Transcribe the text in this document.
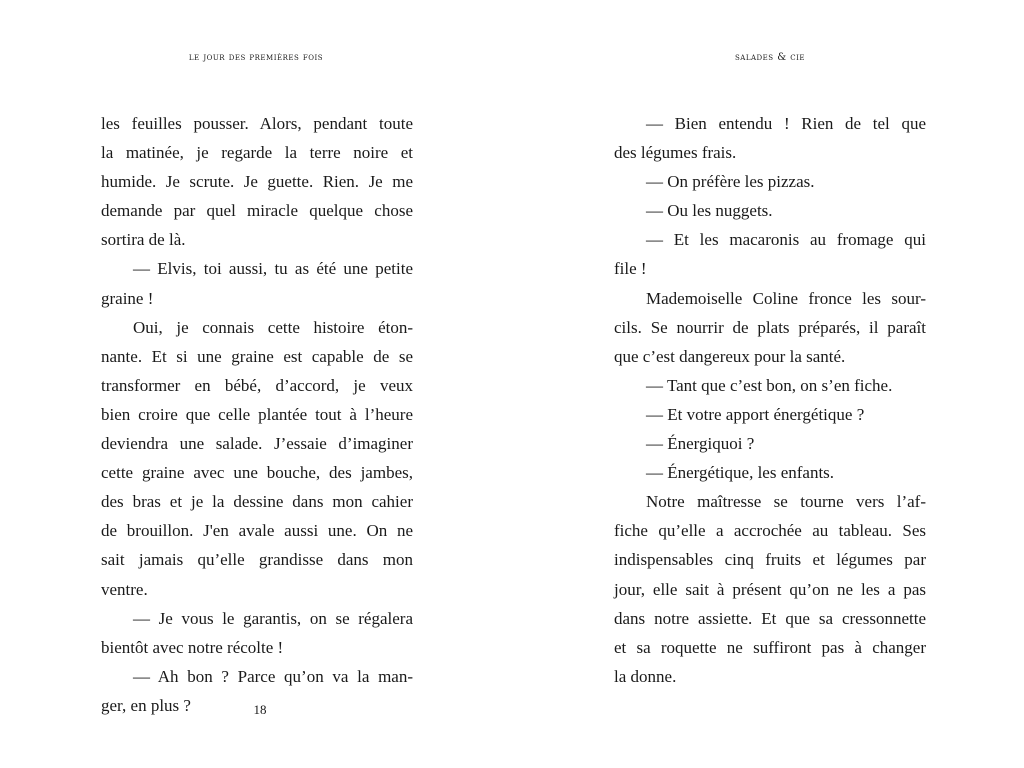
le jour des premières fois
les feuilles pousser. Alors, pendant toute
la matinée, je regarde la terre noire et
humide. Je scrute. Je guette. Rien. Je me
demande par quel miracle quelque chose
sortira de là.
— Elvis, toi aussi, tu as été une petite
graine !
Oui, je connais cette histoire éton-
nante. Et si une graine est capable de se
transformer en bébé, d’accord, je veux
bien croire que celle plantée tout à l’heure
deviendra une salade. J’essaie d’imaginer
cette graine avec une bouche, des jambes,
des bras et je la dessine dans mon cahier
de brouillon. J'en avale aussi une. On ne
sait jamais qu’elle grandisse dans mon
ventre.
— Je vous le garantis, on se régalera
bientôt avec notre récolte !
— Ah bon ? Parce qu’on va la man-
ger, en plus ?	18
salades & cie
— Bien entendu ! Rien de tel que
des légumes frais.
— On préfère les pizzas.
— Ou les nuggets.
— Et les macaronis au fromage qui
file !
Mademoiselle Coline fronce les sour-
cils. Se nourrir de plats préparés, il paraît
que c’est dangereux pour la santé.
— Tant que c’est bon, on s’en fiche.
— Et votre apport énergétique ?
— Énergiquoi ?
— Énergétique, les enfants.
Notre maîtresse se tourne vers l’af-
fiche qu’elle a accrochée au tableau. Ses
indispensables cinq fruits et légumes par
jour, elle sait à présent qu’on ne les a pas
dans notre assiette. Et que sa cressonnette
et sa roquette ne suffiront pas à changer
la donne.
